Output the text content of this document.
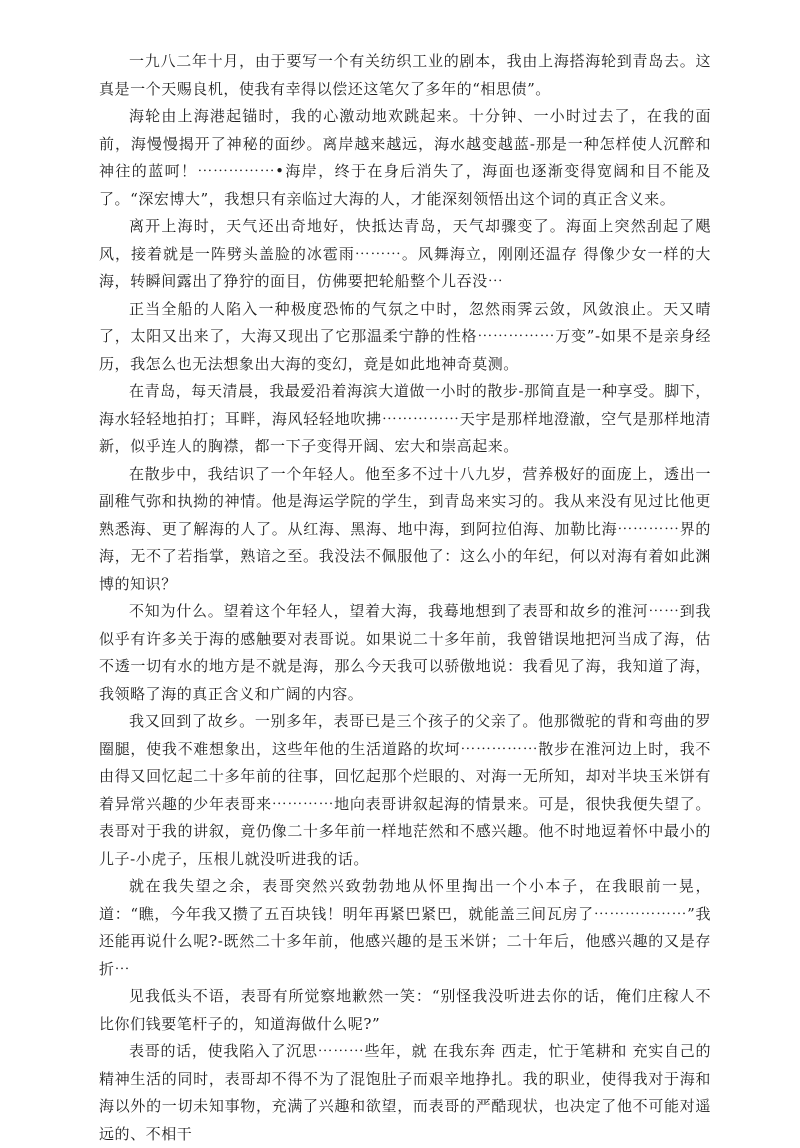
一九八二年十月，由于要写一个有关纺织工业的剧本，我由上海搭海轮到青岛去。这真是一个天赐良机，使我有幸得以偿还这笔欠了多年的“相思债”。

海轮由上海港起锚时，我的心激动地欢跳起来。十分钟、一小时过去了，在我的面前，海慢慢揭开了神秘的面纱。离岸越来越远，海水越变越蓝-那是一种怎样使人沉醉和神往的蓝呵！⋯⋯⋯⋯⋯•海岸，终于在身后消失了，海面也逐渐变得宽阔和目不能及了。“深宏博大”，我想只有亲临过大海的人，才能深刻领悟出这个词的真正含义来。

离开上海时，天气还出奇地好，快抵达青岛，天气却骤变了。海面上突然刮起了飓风，接着就是一阵劈头盖脸的冰雹雨⋯⋯⋯。风舞海立，刚刚还温存 得像少女一样的大海，转瞬间露出了狰狞的面目，仿佛要把轮船整个儿吞没⋯

正当全船的人陷入一种极度恐怖的气氛之中时，忽然雨霁云敛，风敛浪止。天又晴了，太阳又出来了，大海又现出了它那温柔宁静的性格⋯⋯⋯⋯⋯万变”-如果不是亲身经历，我怎么也无法想象出大海的变幻，竟是如此地神奇莫测。

在青岛，每天清晨，我最爱沿着海滨大道做一小时的散步-那简直是一种享受。脚下，海水轻轻地拍打；耳畔，海风轻轻地吹拂⋯⋯⋯⋯⋯天宇是那样地澄澈，空气是那样地清新，似乎连人的胸襟，都一下子变得开阔、宏大和崇高起来。

在散步中，我结识了一个年轻人。他至多不过十八九岁，营养极好的面庞上，透出一副稚气弥和执拗的神情。他是海运学院的学生，到青岛来实习的。我从来没有见过比他更熟悉海、更了解海的人了。从红海、黑海、地中海，到阿拉伯海、加勒比海⋯⋯⋯⋯界的海，无不了若指掌，熟谙之至。我没法不佩服他了：这么小的年纪，何以对海有着如此渊博的知识？

不知为什么。望着这个年轻人，望着大海，我蓦地想到了表哥和故乡的淮河⋯⋯到我似乎有许多关于海的感触要对表哥说。如果说二十多年前，我曾错误地把河当成了海，估不透一切有水的地方是不就是海，那么今天我可以骄傲地说：我看见了海，我知道了海，我领略了海的真正含义和广阔的内容。

我又回到了故乡。一别多年，表哥已是三个孩子的父亲了。他那微驼的背和弯曲的罗圈腿，使我不难想象出，这些年他的生活道路的坎坷⋯⋯⋯⋯⋯散步在淮河边上时，我不由得又回忆起二十多年前的往事，回忆起那个烂眼的、对海一无所知，却对半块玉米饼有着异常兴趣的少年表哥来⋯⋯⋯⋯地向表哥讲叙起海的情景来。可是，很快我便失望了。表哥对于我的讲叙，竟仍像二十多年前一样地茫然和不感兴趣。他不时地逗着怀中最小的儿子-小虎子，压根儿就没听进我的话。

就在我失望之余，表哥突然兴致勃勃地从怀里掏出一个小本子，在我眼前一晃，道：“瞧，今年我又攒了五百块钱！明年再紧巴紧巴，就能盖三间瓦房了⋯⋯⋯⋯⋯⋯”我还能再说什么呢?-既然二十多年前，他感兴趣的是玉米饼；二十年后，他感兴趣的又是存折⋯

见我低头不语，表哥有所觉察地歉然一笑：“别怪我没听进去你的话，俺们庄稼人不比你们钱要笔杆子的，知道海做什么呢?”

表哥的话，使我陷入了沉思⋯⋯⋯些年，就 在我东奔 西走，忙于笔耕和 充实自己的精神生活的同时，表哥却不得不为了混饱肚子而艰辛地挣扎。我的职业，使得我对于海和海以外的一切未知事物，充满了兴趣和欲望，而表哥的严酷现状，也决定了他不可能对遥远的、不相干
